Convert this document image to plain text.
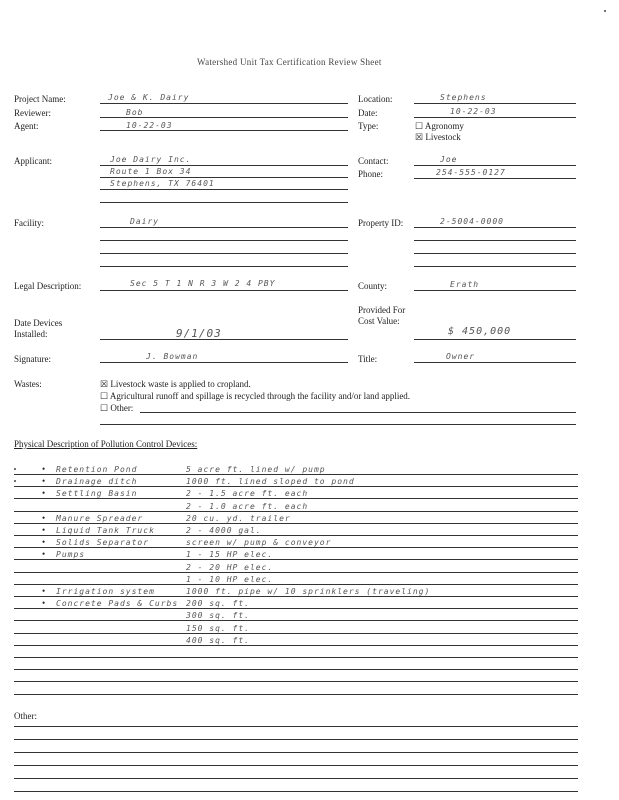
Watershed Unit Tax Certification Review Sheet
Project Name:	Joe & K. Dairy
Reviewer:	Bob
Agent:	10-22-03
Location:	Stephens
Date:	10-22-03
Type:	☐ Agronomy
☒ Livestock
Applicant:	Joe Dairy Inc.
Route 1 Box 34
Stephens, TX 76401
Contact:	Joe
Phone:	254-555-0127
Facility:	Dairy	Property ID:	2-5004-0000
Legal Description:	Sec 5 T 1 N R 3 W 2 4 PBY	County:	Erath
Date Devices Installed:	9/1/03
Provided For Cost Value:
$ 450,000
Signature:	J. Bowman	Title:	Owner
Wastes:	☒ Livestock waste is applied to cropland.
☐ Agricultural runoff and spillage is recycled through the facility and/or land applied.
☐ Other:
Physical Description of Pollution Control Devices:
• Retention Pond	5 acre ft. lined w/ pump
• Drainage ditch	1000 ft. lined sloped to pond
• Settling Basin	2 - 1.5 acre ft. each
2 - 1.0 acre ft. each
• Manure Spreader	20 cu. yd. trailer
• Liquid Tank Truck	2 - 4000 gal.
• Solids Separator	screen w/ pump & conveyor
• Pumps	1 - 15 HP elec.
2 - 20 HP elec.
1 - 10 HP elec.
• Irrigation system	1000 ft. pipe w/ 10 sprinklers (traveling)
• Concrete Pads & Curbs 200 sq. ft.
300 sq. ft.
150 sq. ft.
400 sq. ft.
Other:
